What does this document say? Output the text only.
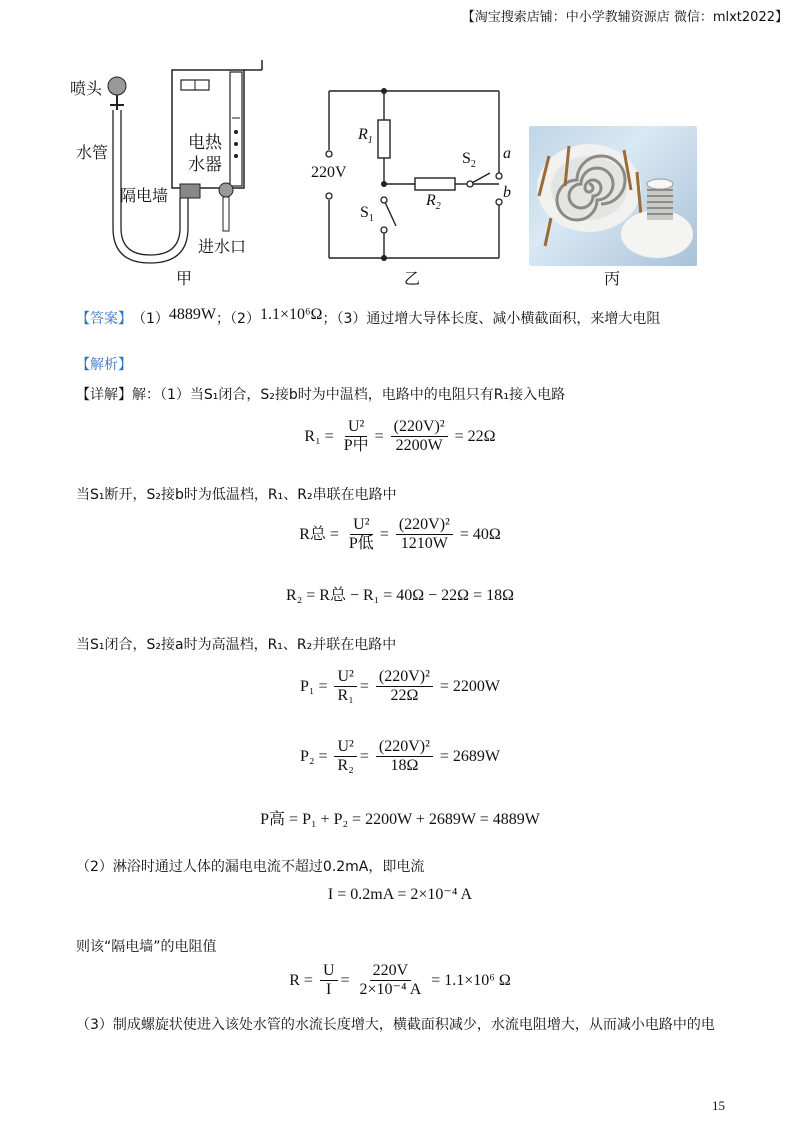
【淘宝搜索店铺：中小学教辅资源店 微信：mlxt2022】
喷头
水管
隔电墙
电热
水器
进水口
甲
220V
$R_1$
$R_2$
$S_1$
$S_2$
a
b
乙	丙
【答案】 （1） 4889W ；（2） 1.1×10⁶Ω ；（3）通过增大导体长度、减小横截面积，来增大电阻
【解析】
【详解】解：（1）当S₁闭合，S₂接b时为中温档，电路中的电阻只有R₁接入电路
$R_1 = \frac{\text{U²}}{\text{P中}} = \frac{\text{(220V)²}}{2200W} = 22\Omega$
当S₁断开，S₂接b时为低温档，R₁、R₂串联在电路中
R总 = $\frac{\text{U²}}{\text{P低}} = \frac{\text{(220V)²}}{1210W} = 40\Omega$
R₂ = R总 − R₁ = 40Ω − 22Ω = 18Ω
当S₁闭合，S₂接a时为高温档，R₁、R₂并联在电路中
$P_1 = \frac{\text{U²}}{\text{R₁}} = \frac{\text{(220V)²}}{22\Omega} = 2200W$
$P_2 = \frac{\text{U²}}{\text{R₂}} = \frac{\text{(220V)²}}{18\Omega} = 2689W$
P高 = P₁ + P₂ = 2200W + 2689W = 4889W
（2）淋浴时通过人体的漏电电流不超过0.2mA，即电流
I = 0.2mA = 2×10⁻⁴ A
则该“隔电墙”的电阻值
$R = \frac{U}{I} = \frac{220V}{\text{2×10⁻⁴ A}} = 1.1\times 10^6$ Ω
（3）制成螺旋状使进入该处水管的水流长度增大，横截面积减少，水流电阻增大，从而减小电路中的电
15
